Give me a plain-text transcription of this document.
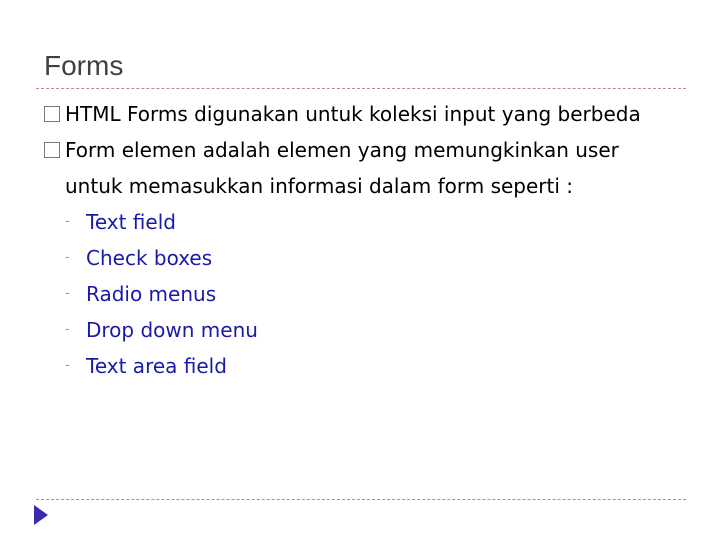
Forms
HTML Forms digunakan untuk koleksi input yang berbeda
Form elemen adalah elemen yang memungkinkan user
untuk memasukkan informasi dalam form seperti :
- Text field
- Check boxes
- Radio menus
- Drop down menu
- Text area field
